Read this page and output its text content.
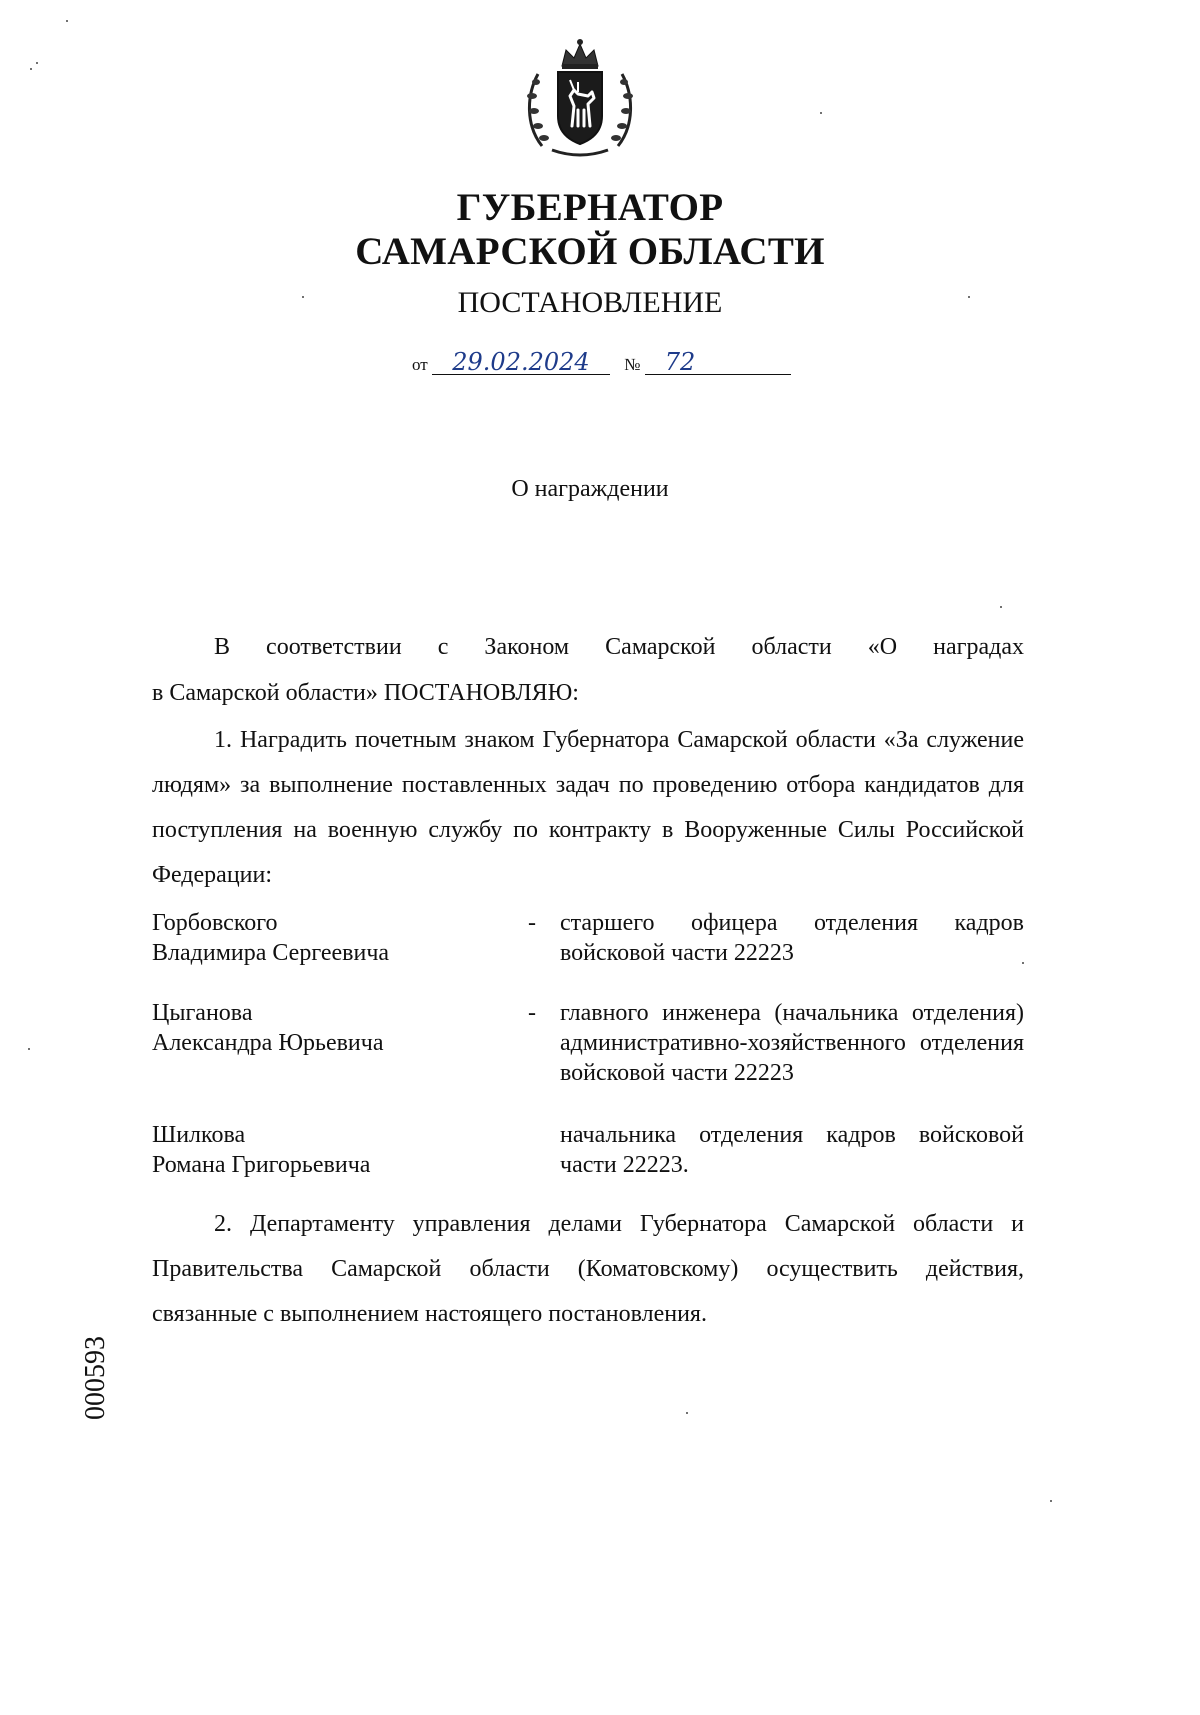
ГУБЕРНАТОР
САМАРСКОЙ ОБЛАСТИ
ПОСТАНОВЛЕНИЕ
от 29.02.2024 № 72
О награждении
В соответствии с Законом Самарской области «О наградах
в Самарской области» ПОСТАНОВЛЯЮ:
1. Наградить почетным знаком Губернатора Самарской области «За служение людям» за выполнение поставленных задач по проведению отбора кандидатов для поступления на военную службу по контракту в Вооруженные Силы Российской Федерации:
Горбовского
Владимира Сергеевича
-	старшего офицера отделения кадров войсковой части 22223
Цыганова
Александра Юрьевича
-	главного инженера (начальника отделения) административно-хозяйственного отделения войсковой части 22223
Шилкова
Романа Григорьевича
начальника отделения кадров войсковой части 22223.
2. Департаменту управления делами Губернатора Самарской области и Правительства Самарской области (Коматовскому) осуществить действия, связанные с выполнением настоящего постановления.
000593
